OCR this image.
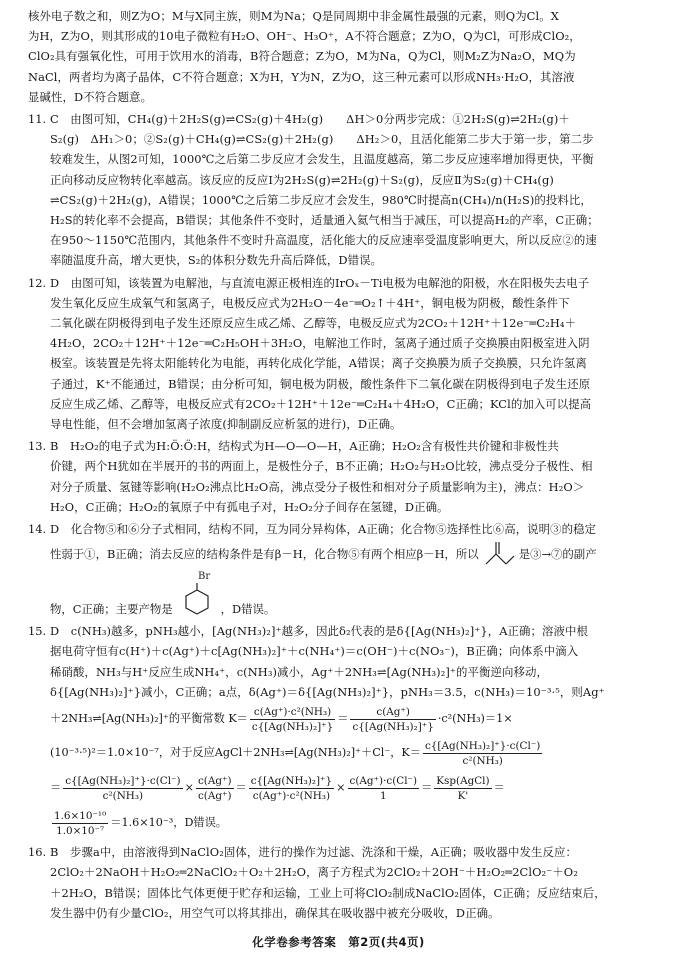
核外电子数之和，则Z为O；M与X同主族，则M为Na；Q是同周期中非金属性最强的元素，则Q为Cl。X

为H，Z为O，则其形成的10电子微粒有H₂O、OH⁻、H₃O⁺，A不符合题意；Z为O，Q为Cl，可形成ClO₂，

ClO₂具有强氧化性，可用于饮用水的消毒，B符合题意；Z为O，M为Na，Q为Cl，则M₂Z为Na₂O，MQ为

NaCl，两者均为离子晶体，C不符合题意；X为H，Y为N，Z为O，这三种元素可以形成NH₃·H₂O，其溶液

显碱性，D不符合题意。

11. C　由图可知，CH₄(g)＋2H₂S(g)⇌CS₂(g)＋4H₂(g)　　ΔH＞0分两步完成：①2H₂S(g)⇌2H₂(g)＋

S₂(g)　ΔH₁＞0；②S₂(g)＋CH₄(g)⇌CS₂(g)＋2H₂(g)　　ΔH₂＞0，且活化能第二步大于第一步，第二步

较难发生，从图2可知，1000℃之后第二步反应才会发生，且温度越高，第二步反应速率增加得更快，平衡

正向移动反应物转化率越高。该反应的反应Ⅰ为2H₂S(g)⇌2H₂(g)＋S₂(g)，反应Ⅱ为S₂(g)＋CH₄(g)

⇌CS₂(g)＋2H₂(g)，A错误；1000℃之后第二步反应才会发生，980℃时提高n(CH₄)/n(H₂S)的投料比，

H₂S的转化率不会提高，B错误；其他条件不变时，适量通入氦气相当于减压，可以提高H₂的产率，C正确；

在950～1150℃范围内，其他条件不变时升高温度，活化能大的反应速率受温度影响更大，所以反应②的速

率随温度升高，增大更快，S₂的体积分数先升高后降低，D错误。

12. D　由图可知，该装置为电解池，与直流电源正极相连的IrOₓ－Ti电极为电解池的阳极，水在阳极失去电子

发生氧化反应生成氧气和氢离子，电极反应式为2H₂O－4e⁻═O₂↑＋4H⁺，铜电极为阴极，酸性条件下

二氧化碳在阴极得到电子发生还原反应生成乙烯、乙醇等，电极反应式为2CO₂＋12H⁺＋12e⁻═C₂H₄＋

4H₂O，2CO₂＋12H⁺＋12e⁻═C₂H₅OH＋3H₂O，电解池工作时，氢离子通过质子交换膜由阳极室进入阴

极室。该装置是先将太阳能转化为电能，再转化成化学能，A错误；离子交换膜为质子交换膜，只允许氢离

子通过，K⁺不能通过，B错误；由分析可知，铜电极为阴极，酸性条件下二氧化碳在阴极得到电子发生还原

反应生成乙烯、乙醇等，电极反应式有2CO₂＋12H⁺＋12e⁻═C₂H₄＋4H₂O，C正确；KCl的加入可以提高

导电性能，但不会增加氢离子浓度(抑制副反应析氢的进行)，D正确。

13. B　H₂O₂的电子式为H:Ö:Ö:H，结构式为H—O—O—H，A正确；H₂O₂含有极性共价键和非极性共

价键，两个H犹如在半展开的书的两面上，是极性分子，B不正确；H₂O₂与H₂O比较，沸点受分子极性、相

对分子质量、氢键等影响(H₂O₂沸点比H₂O高，沸点受分子极性和相对分子质量影响为主)，沸点：H₂O＞

H₂O，C正确；H₂O₂的氧原子中有孤电子对，H₂O₂分子间存在氢键，D正确。

14. D　化合物⑤和⑥分子式相同，结构不同，互为同分异构体，A正确；化合物⑤选择性比⑥高，说明③的稳定

性弱于①，B正确；消去反应的结构条件是有β－H，化合物⑤有两个相应β－H，所以	是③→⑦的副产
物，C正确；主要产物是
Br
，D错误。
15. D　c(NH₃)越多，pNH₃越小，[Ag(NH₃)₂]⁺越多，因此δ₂代表的是δ{[Ag(NH₃)₂]⁺}，A正确；溶液中根

据电荷守恒有c(H⁺)＋c(Ag⁺)＋c[Ag(NH₃)₂]⁺＋c(NH₄⁺)＝c(OH⁻)＋c(NO₃⁻)，B正确；向体系中滴入

稀硝酸，NH₃与H⁺反应生成NH₄⁺，c(NH₃)减小，Ag⁺＋2NH₃⇌[Ag(NH₃)₂]⁺的平衡逆向移动，

δ{[Ag(NH₃)₂]⁺}减小，C正确；a点，δ(Ag⁺)＝δ{[Ag(NH₃)₂]⁺}，pNH₃＝3.5，c(NH₃)＝10⁻³·⁵，则Ag⁺

＋2NH₃⇌[Ag(NH₃)₂]⁺的平衡常数 $K= \frac{\text{c(Ag⁺)·c²(NH₃)}}{\text{c\{[Ag(NH₃)₂]⁺\}}} = \frac{c(Ag^+)}{\text{c\{[Ag(NH₃)₂]⁺\}}} \cdot c^2(NH_3)=1\times$
(10⁻³·⁵)²＝1.0×10⁻⁷，对于反应AgCl＋2NH₃⇌[Ag(NH₃)₂]⁺＋Cl⁻，$K= \frac{\text{c\{[Ag(NH₃)₂]⁺\}·c(Cl⁻)}}{\text{c²(NH₃)}}$
＝ $\frac{\text{c\{[Ag(NH₃)₂]⁺\}·c(Cl⁻)}}{\text{c²(NH₃)}} \times \frac{c(Ag^+)}{c(Ag^+)} = \frac{\text{c\{[Ag(NH₃)₂]⁺\}}}{\text{c(Ag⁺)·c²(NH₃)}} \times \frac{c(Ag^+)\cdot c(Cl^-)}{1} = \frac{\text{Ksp(AgCl)}}{K'}$ ＝
$\frac{\text{1.6×10⁻¹⁰}}{\text{1.0×10⁻⁷}} =1.6\times 10^{-3}$，D错误。
16. B　步骤a中，由溶液得到NaClO₂固体，进行的操作为过滤、洗涤和干燥，A正确；吸收器中发生反应：

2ClO₂＋2NaOH＋H₂O₂═2NaClO₂＋O₂＋2H₂O，离子方程式为2ClO₂＋2OH⁻＋H₂O₂═2ClO₂⁻＋O₂

＋2H₂O，B错误；固体比气体更便于贮存和运输，工业上可将ClO₂制成NaClO₂固体，C正确；反应结束后，

发生器中仍有少量ClO₂，用空气可以将其排出，确保其在吸收器中被充分吸收，D正确。

化学卷参考答案　第2页(共4页)
